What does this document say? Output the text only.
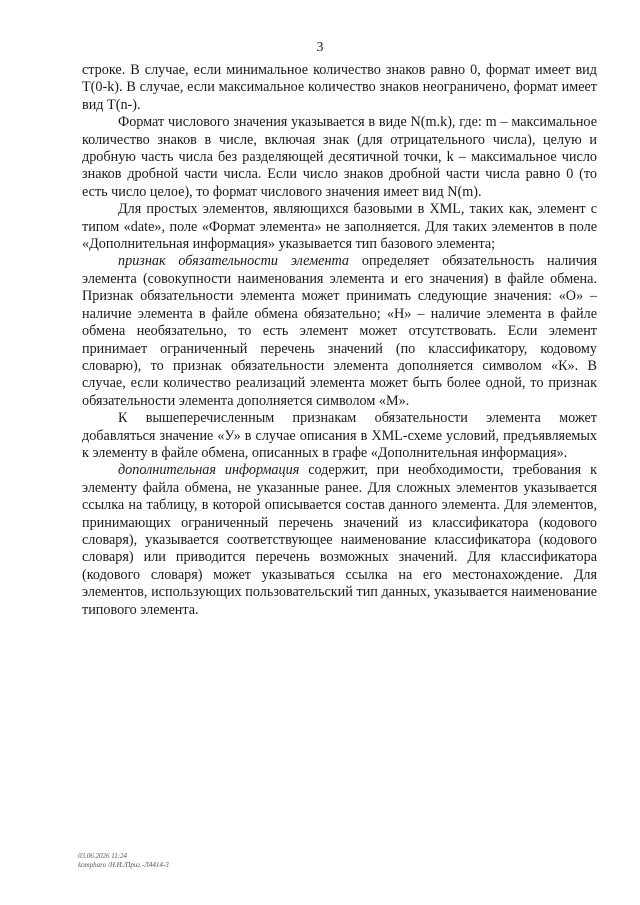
3

строке. В случае, если минимальное количество знаков равно 0, формат имеет вид T(0-k). В случае, если максимальное количество знаков неограничено, формат имеет вид T(n-).

Формат числового значения указывается в виде N(m.k), где: m – максимальное количество знаков в числе, включая знак (для отрицательного числа), целую и дробную часть числа без разделяющей десятичной точки, k – максимальное число знаков дробной части числа. Если число знаков дробной части числа равно 0 (то есть число целое), то формат числового значения имеет вид N(m).

Для простых элементов, являющихся базовыми в XML, таких как, элемент с типом «date», поле «Формат элемента» не заполняется. Для таких элементов в поле «Дополнительная информация» указывается тип базового элемента;

признак обязательности элемента определяет обязательность наличия элемента (совокупности наименования элемента и его значения) в файле обмена. Признак обязательности элемента может принимать следующие значения: «О» – наличие элемента в файле обмена обязательно; «Н» – наличие элемента в файле обмена необязательно, то есть элемент может отсутствовать. Если элемент принимает ограниченный перечень значений (по классификатору, кодовому словарю), то признак обязательности элемента дополняется символом «К». В случае, если количество реализаций элемента может быть более одной, то признак обязательности элемента дополняется символом «М».

К вышеперечисленным признакам обязательности элемента может добавляться значение «У» в случае описания в XML-схеме условий, предъявляемых к элементу в файле обмена, описанных в графе «Дополнительная информация».

дополнительная информация содержит, при необходимости, требования к элементу файла обмена, не указанные ранее. Для сложных элементов указывается ссылка на таблицу, в которой описывается состав данного элемента. Для элементов, принимающих ограниченный перечень значений из классификатора (кодового словаря), указывается соответствующее наименование классификатора (кодового словаря) или приводится перечень возможных значений. Для классификатора (кодового словаря) может указываться ссылка на его местонахождение. Для элементов, использующих пользовательский тип данных, указывается наименование типового элемента.

03.06.2026 11:24
kompharo /Н.И./Приг.-Л4414-3
